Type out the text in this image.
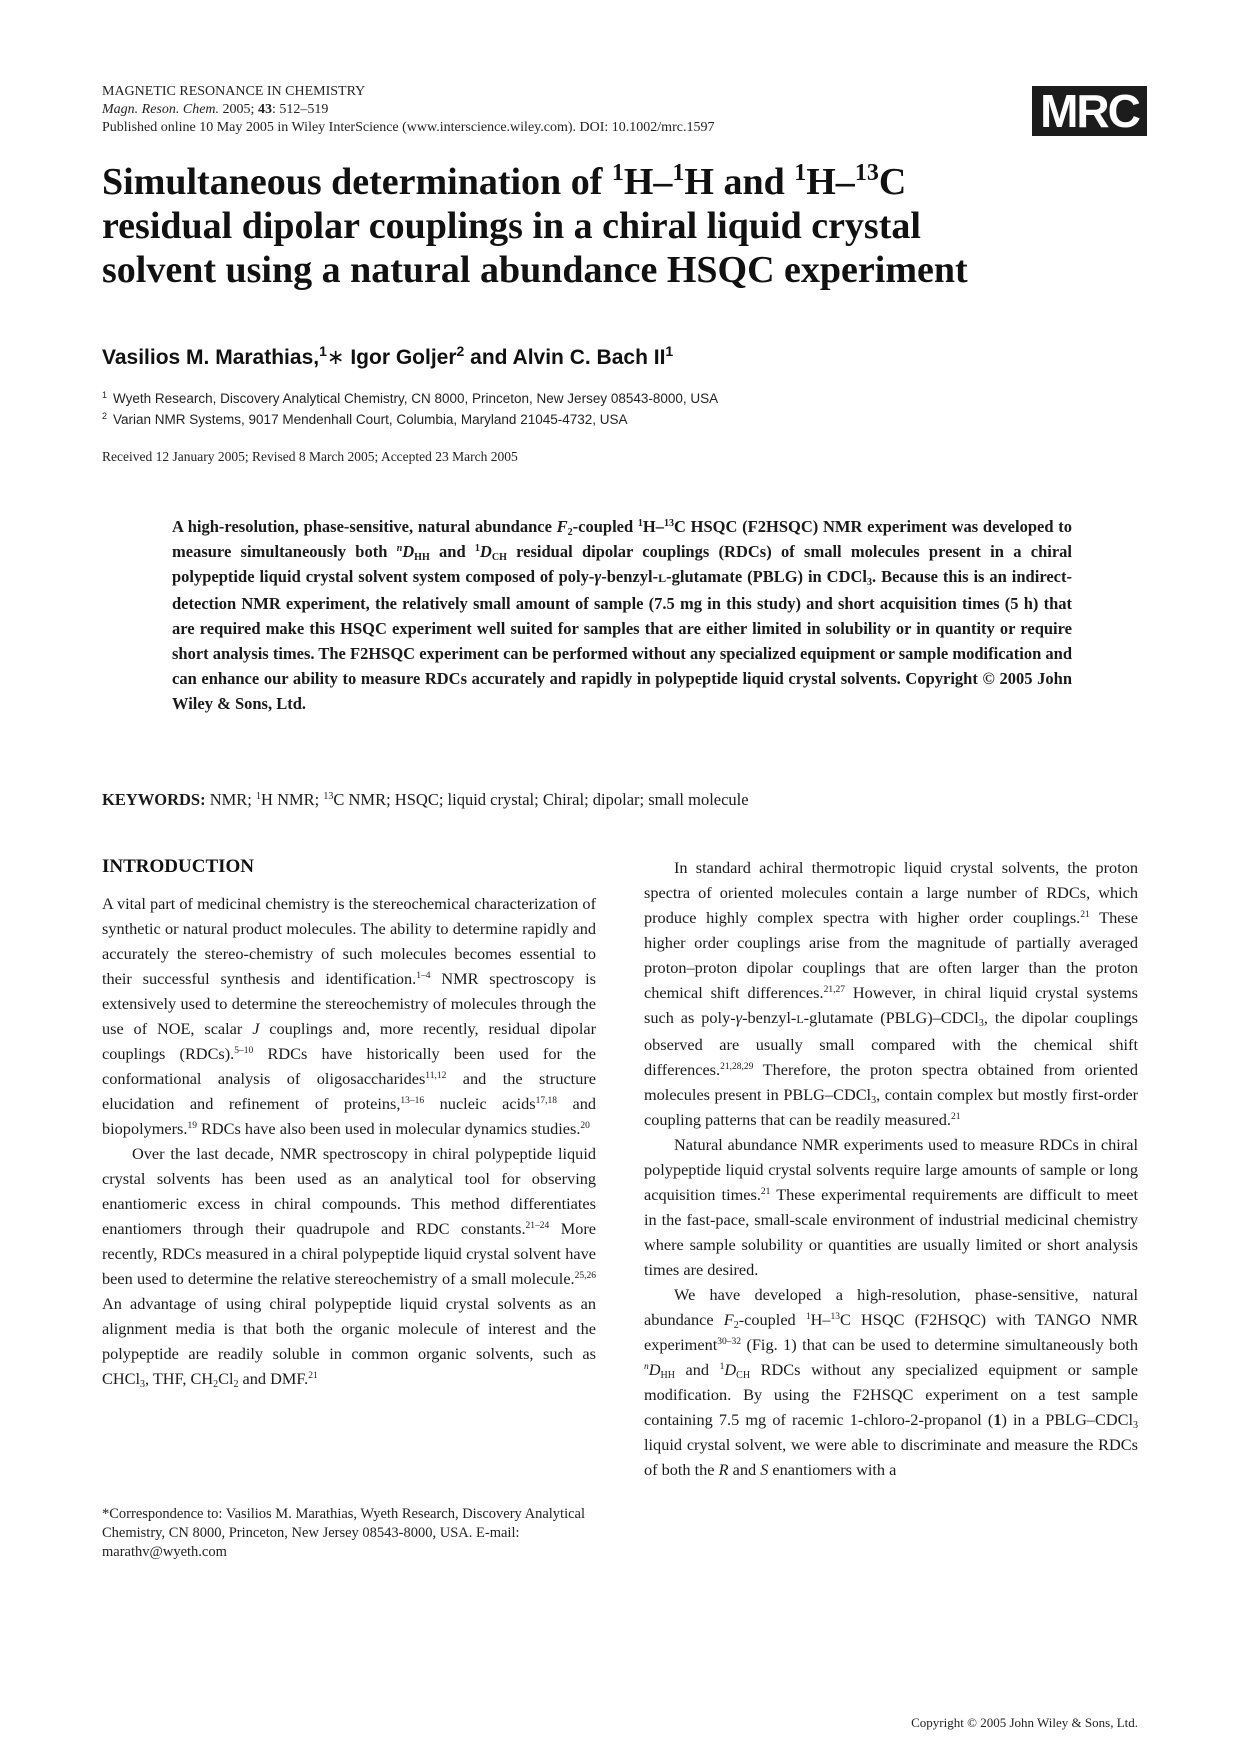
MAGNETIC RESONANCE IN CHEMISTRY
Magn. Reson. Chem. 2005; 43: 512–519
Published online 10 May 2005 in Wiley InterScience (www.interscience.wiley.com). DOI: 10.1002/mrc.1597	MRC
Simultaneous determination of $^1$H–$^1$H and $^1$H–$^{13}$C
residual dipolar couplings in a chiral liquid crystal
solvent using a natural abundance HSQC experiment
Vasilios M. Marathias,$^1$∗ Igor Goljer$^2$ and Alvin C. Bach $II^1$
$^1$ Wyeth Research, Discovery Analytical Chemistry, CN 8000, Princeton, New Jersey 08543-8000, USA
$^2$ Varian NMR Systems, 9017 Mendenhall Court, Columbia, Maryland 21045-4732, USA
Received 12 January 2005; Revised 8 March 2005; Accepted 23 March 2005
A high-resolution, phase-sensitive, natural abundance $F_2$-coupled $^1$H–$^{13}$C HSQC (F2HSQC) NMR experiment was developed to measure simultaneously both $^nD_{HH}$ and $^1D_{CH}$ residual dipolar couplings (RDCs) of small molecules present in a chiral polypeptide liquid crystal solvent system composed of poly-γ-benzyl-L-glutamate (PBLG) in CDCl$_3$. Because this is an indirect-detection NMR experiment, the relatively small amount of sample (7.5 mg in this study) and short acquisition times (5 h) that are required make this HSQC experiment well suited for samples that are either limited in solubility or in quantity or require short analysis times. The F2HSQC experiment can be performed without any specialized equipment or sample modification and can enhance our ability to measure RDCs accurately and rapidly in polypeptide liquid crystal solvents. Copyright © 2005 John Wiley & Sons, Ltd.
KEYWORDS: NMR; $^1$H NMR; $^{13}$C NMR; HSQC; liquid crystal; Chiral; dipolar; small molecule

INTRODUCTION

A vital part of medicinal chemistry is the stereochemical characterization of synthetic or natural product molecules. The ability to determine rapidly and accurately the stereo-chemistry of such molecules becomes essential to their successful synthesis and identification.$^{1-4}$ NMR spectroscopy is extensively used to determine the stereochemistry of molecules through the use of NOE, scalar J couplings and, more recently, residual dipolar couplings (RDCs).$^{5-10}$ RDCs have historically been used for the conformational analysis of oligosaccharides$^{11,12}$ and the structure elucidation and refinement of proteins,$^{13-16}$ nucleic acids$^{17,18}$ and biopolymers.$^{19}$ RDCs have also been used in molecular dynamics studies.$^{20}$

Over the last decade, NMR spectroscopy in chiral polypeptide liquid crystal solvents has been used as an analytical tool for observing enantiomeric excess in chiral compounds. This method differentiates enantiomers through their quadrupole and RDC constants.$^{21-24}$ More recently, RDCs measured in a chiral polypeptide liquid crystal solvent have been used to determine the relative stereochemistry of a small molecule.$^{25,26}$ An advantage of using chiral polypeptide liquid crystal solvents as an alignment media is that both the organic molecule of interest and the polypeptide are readily soluble in common organic solvents, such as CHCl$_3$, THF, $CH_2Cl_2$ and DMF.$^{21}$

In standard achiral thermotropic liquid crystal solvents, the proton spectra of oriented molecules contain a large number of RDCs, which produce highly complex spectra with higher order couplings.$^{21}$ These higher order couplings arise from the magnitude of partially averaged proton–proton dipolar couplings that are often larger than the proton chemical shift differences.$^{21,27}$ However, in chiral liquid crystal systems such as poly-γ-benzyl-L-glutamate (PBLG)–CDCl$_3$, the dipolar couplings observed are usually small compared with the chemical shift differences.$^{21,28,29}$ Therefore, the proton spectra obtained from oriented molecules present in PBLG–CDCl$_3$, contain complex but mostly first-order coupling patterns that can be readily measured.$^{21}$

Natural abundance NMR experiments used to measure RDCs in chiral polypeptide liquid crystal solvents require large amounts of sample or long acquisition times.$^{21}$ These experimental requirements are difficult to meet in the fast-pace, small-scale environment of industrial medicinal chemistry where sample solubility or quantities are usually limited or short analysis times are desired.

We have developed a high-resolution, phase-sensitive, natural abundance $F_2$-coupled $^1$H–$^{13}$C HSQC (F2HSQC) with TANGO NMR experiment$^{30-32}$ (Fig. 1) that can be used to determine simultaneously both $^nD_{HH}$ and $^1D_{CH}$ RDCs without any specialized equipment or sample modification. By using the F2HSQC experiment on a test sample containing 7.5 mg of racemic 1-chloro-2-propanol (1) in a PBLG–CDCl$_3$ liquid crystal solvent, we were able to discriminate and measure the RDCs of both the R and S enantiomers with a

*Correspondence to: Vasilios M. Marathias, Wyeth Research, Discovery Analytical Chemistry, CN 8000, Princeton, New Jersey 08543-8000, USA. E-mail: marathv@wyeth.com
Copyright © 2005 John Wiley & Sons, Ltd.
